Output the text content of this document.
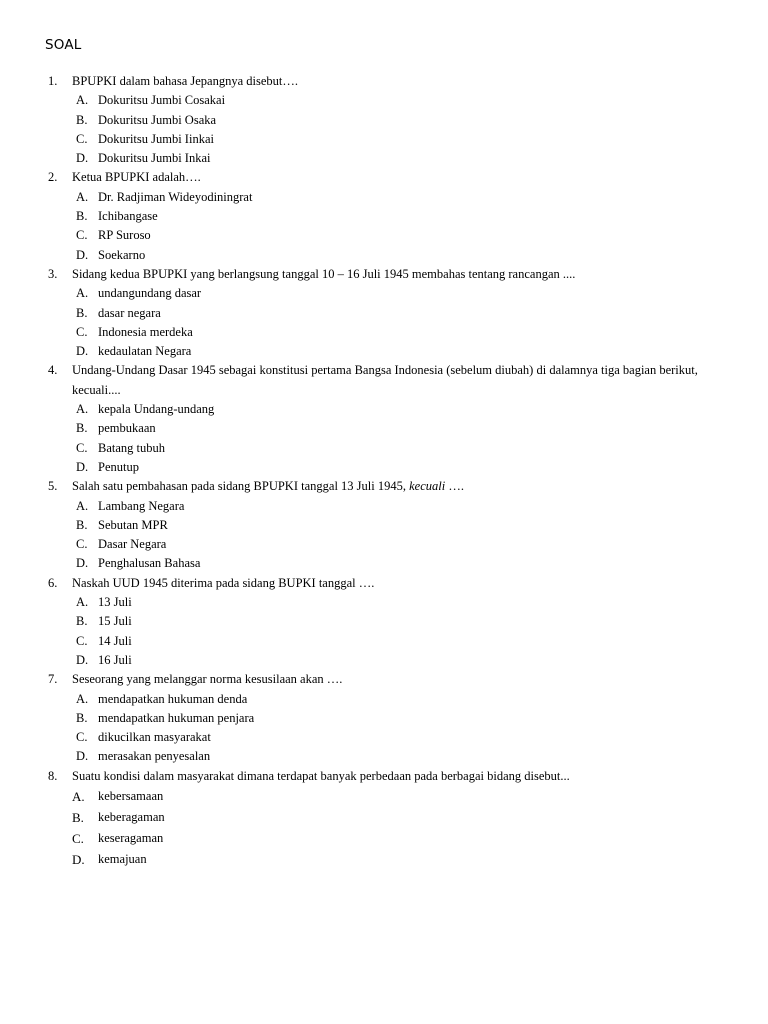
SOAL
1.	BPUPKI dalam bahasa Jepangnya disebut….
A. Dokuritsu Jumbi Cosakai
B. Dokuritsu Jumbi Osaka
C. Dokuritsu Jumbi Iinkai
D. Dokuritsu Jumbi Inkai
2.	Ketua BPUPKI adalah….
A. Dr. Radjiman Wideyodiningrat
B. Ichibangase
C. RP Suroso
D. Soekarno
3.	Sidang kedua BPUPKI yang berlangsung tanggal 10 – 16 Juli 1945 membahas tentang rancangan ....
A. undangundang dasar
B. dasar negara
C. Indonesia merdeka
D. kedaulatan Negara
4.	Undang-Undang Dasar 1945 sebagai konstitusi pertama Bangsa Indonesia (sebelum diubah) di dalamnya tiga bagian berikut, kecuali....
A. kepala Undang-undang
B. pembukaan
C. Batang tubuh
D. Penutup
5.	Salah satu pembahasan pada sidang BPUPKI tanggal 13 Juli 1945, kecuali ….
A. Lambang Negara
B. Sebutan MPR
C. Dasar Negara
D. Penghalusan Bahasa
6.	Naskah UUD 1945 diterima pada sidang BUPKI tanggal ….
A. 13 Juli
B. 15 Juli
C. 14 Juli
D. 16 Juli
7.	Seseorang yang melanggar norma kesusilaan akan ….
A. mendapatkan hukuman denda
B. mendapatkan hukuman penjara
C. dikucilkan masyarakat
D. merasakan penyesalan
8.	Suatu kondisi dalam masyarakat dimana terdapat banyak perbedaan pada berbagai bidang disebut...
A. kebersamaan
B. keberagaman
C. keseragaman
D. kemajuan
